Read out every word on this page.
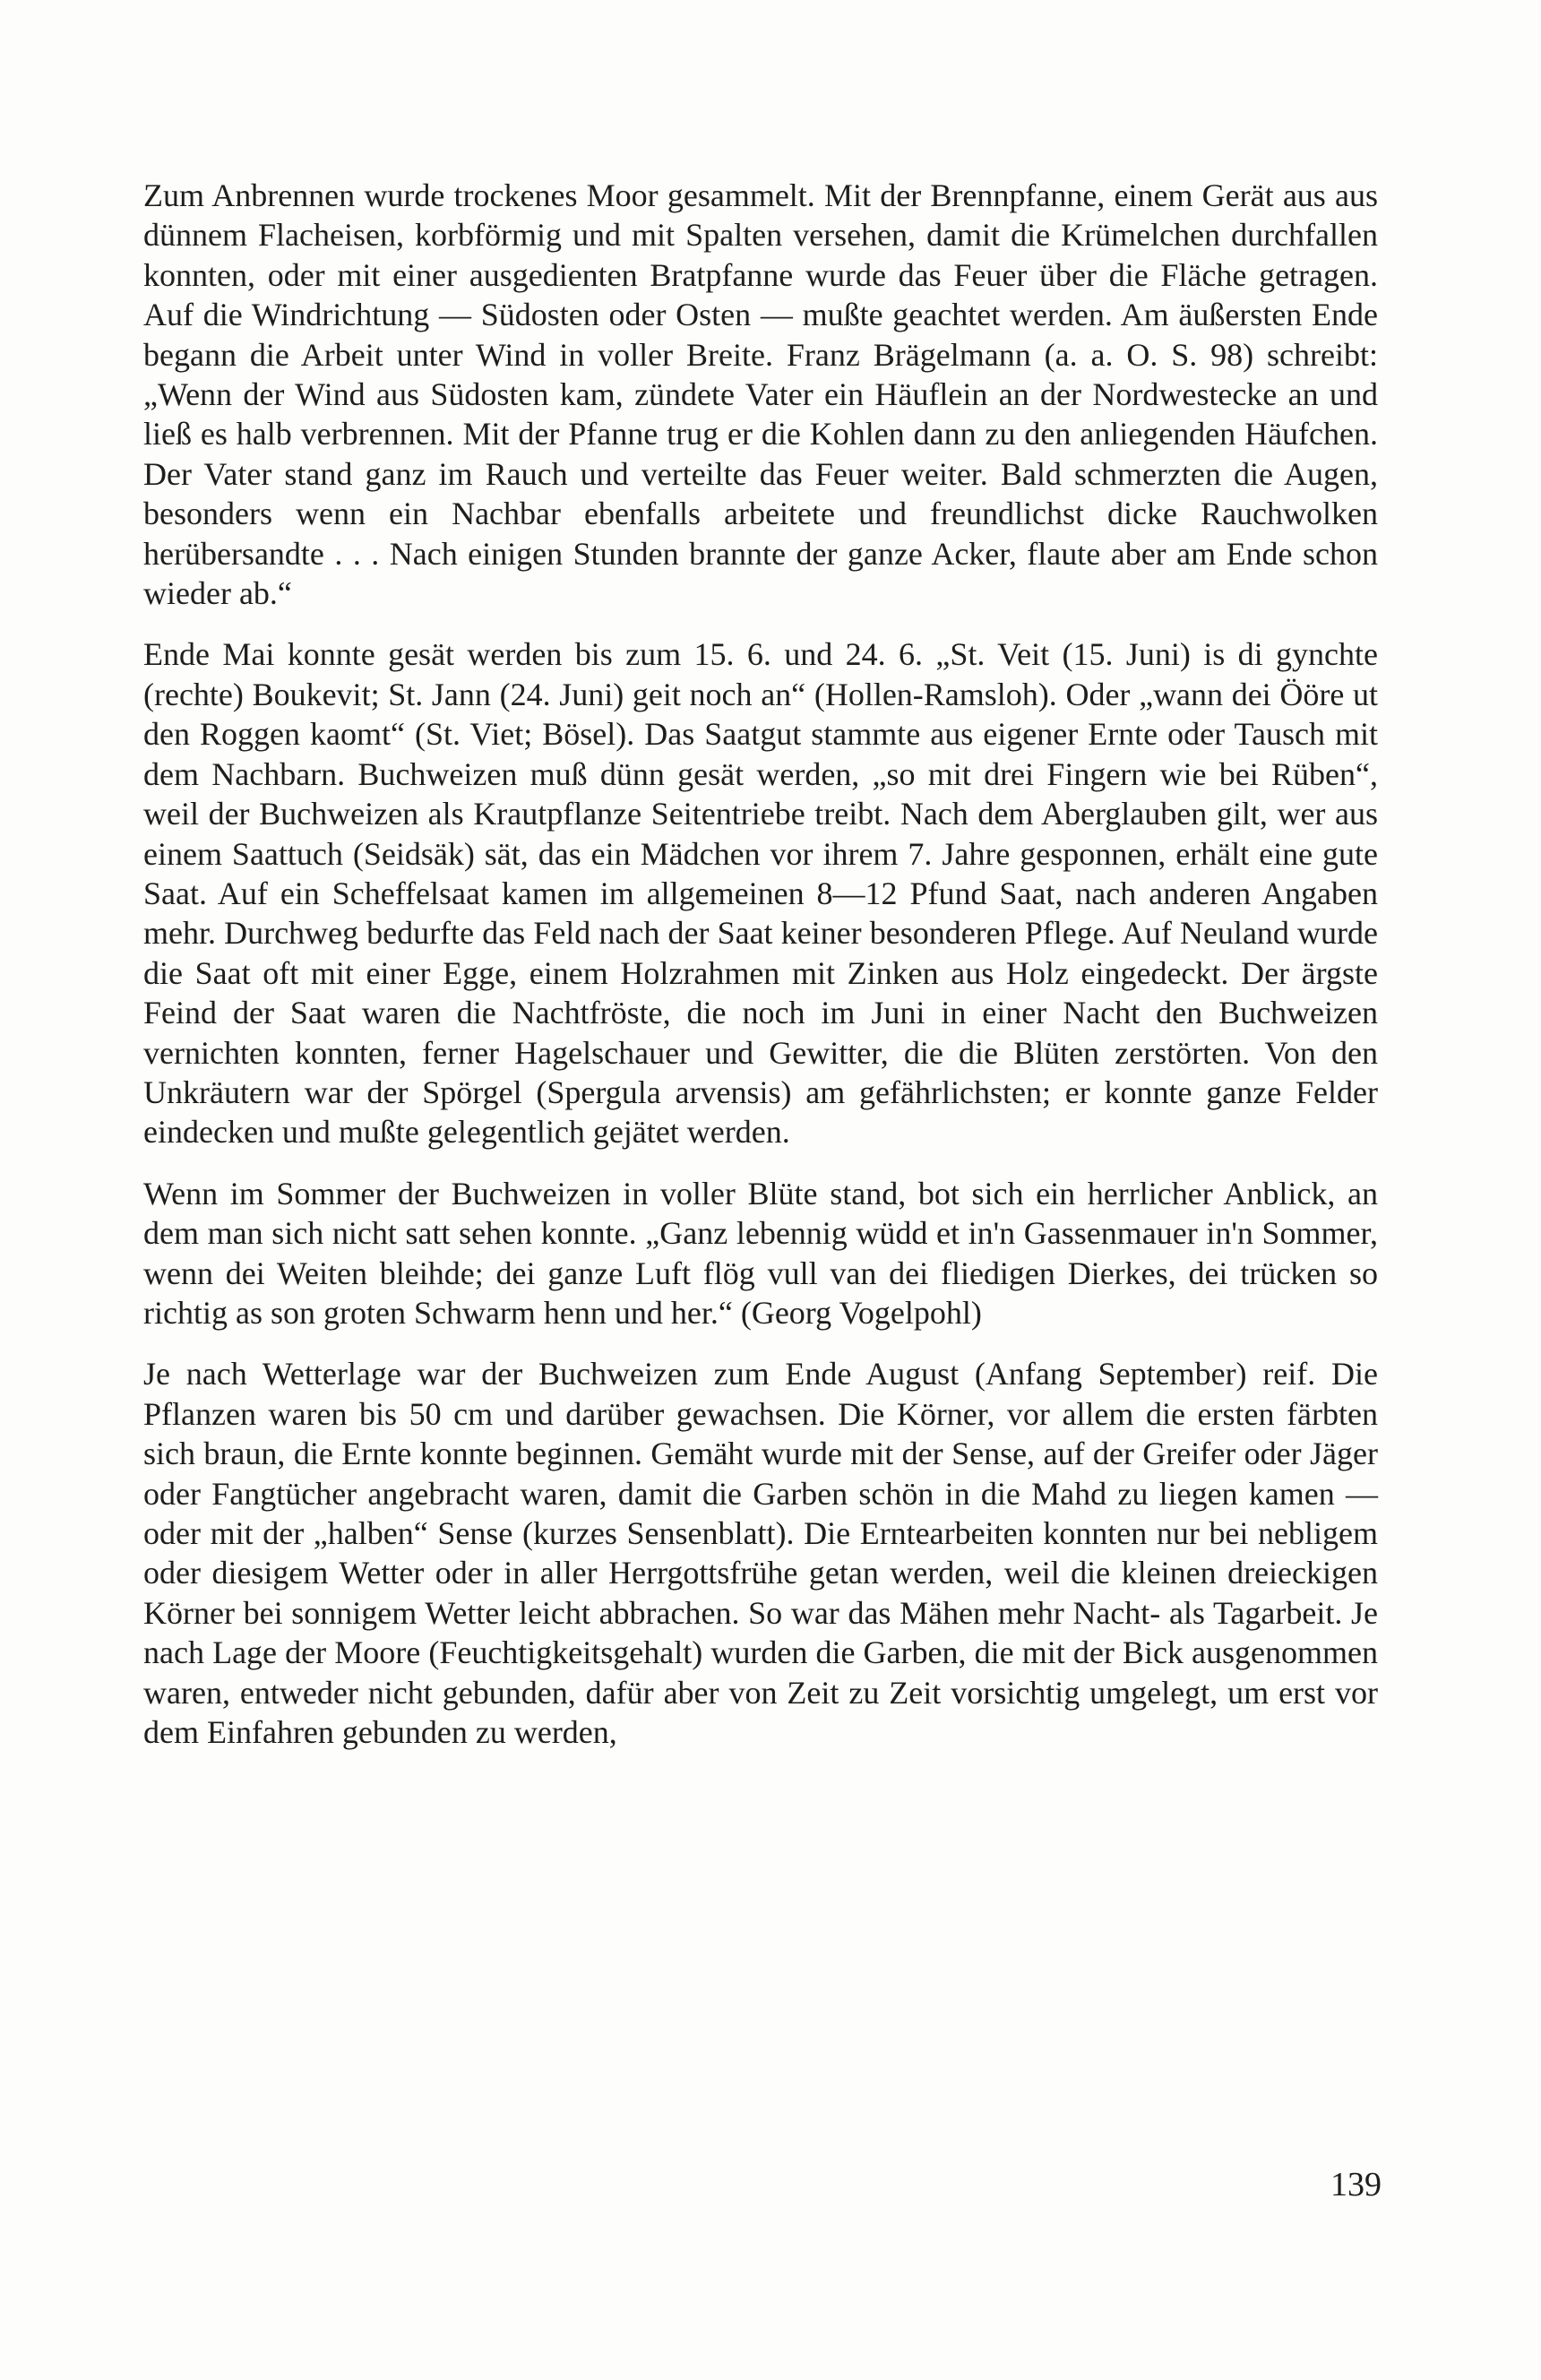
Zum Anbrennen wurde trockenes Moor gesammelt. Mit der Brennpfanne, einem Gerät aus aus dünnem Flacheisen, korbförmig und mit Spalten versehen, damit die Krümelchen durchfallen konnten, oder mit einer ausgedienten Bratpfanne wurde das Feuer über die Fläche getragen. Auf die Windrichtung — Südosten oder Osten — mußte geachtet werden. Am äußersten Ende begann die Arbeit unter Wind in voller Breite. Franz Brägelmann (a. a. O. S. 98) schreibt: „Wenn der Wind aus Südosten kam, zündete Vater ein Häuflein an der Nordwestecke an und ließ es halb verbrennen. Mit der Pfanne trug er die Kohlen dann zu den anliegenden Häufchen. Der Vater stand ganz im Rauch und verteilte das Feuer weiter. Bald schmerzten die Augen, besonders wenn ein Nachbar ebenfalls arbeitete und freundlichst dicke Rauchwolken herübersandte . . . Nach einigen Stunden brannte der ganze Acker, flaute aber am Ende schon wieder ab.“

Ende Mai konnte gesät werden bis zum 15. 6. und 24. 6. „St. Veit (15. Juni) is di gynchte (rechte) Boukevit; St. Jann (24. Juni) geit noch an“ (Hollen-Ramsloh). Oder „wann dei Ööre ut den Roggen kaomt“ (St. Viet; Bösel). Das Saatgut stammte aus eigener Ernte oder Tausch mit dem Nachbarn. Buchweizen muß dünn gesät werden, „so mit drei Fingern wie bei Rüben“, weil der Buchweizen als Krautpflanze Seitentriebe treibt. Nach dem Aberglauben gilt, wer aus einem Saattuch (Seidsäk) sät, das ein Mädchen vor ihrem 7. Jahre gesponnen, erhält eine gute Saat. Auf ein Scheffelsaat kamen im allgemeinen 8—12 Pfund Saat, nach anderen Angaben mehr. Durchweg bedurfte das Feld nach der Saat keiner besonderen Pflege. Auf Neuland wurde die Saat oft mit einer Egge, einem Holzrahmen mit Zinken aus Holz eingedeckt. Der ärgste Feind der Saat waren die Nachtfröste, die noch im Juni in einer Nacht den Buchweizen vernichten konnten, ferner Hagelschauer und Gewitter, die die Blüten zerstörten. Von den Unkräutern war der Spörgel (Spergula arvensis) am gefährlichsten; er konnte ganze Felder eindecken und mußte gelegentlich gejätet werden.

Wenn im Sommer der Buchweizen in voller Blüte stand, bot sich ein herrlicher Anblick, an dem man sich nicht satt sehen konnte. „Ganz lebennig wüdd et in'n Gassenmauer in'n Sommer, wenn dei Weiten bleihde; dei ganze Luft flög vull van dei fliedigen Dierkes, dei trücken so richtig as son groten Schwarm henn und her.“ (Georg Vogelpohl)

Je nach Wetterlage war der Buchweizen zum Ende August (Anfang September) reif. Die Pflanzen waren bis 50 cm und darüber gewachsen. Die Körner, vor allem die ersten färbten sich braun, die Ernte konnte beginnen. Gemäht wurde mit der Sense, auf der Greifer oder Jäger oder Fangtücher angebracht waren, damit die Garben schön in die Mahd zu liegen kamen — oder mit der „halben“ Sense (kurzes Sensenblatt). Die Erntearbeiten konnten nur bei nebligem oder diesigem Wetter oder in aller Herrgottsfrühe getan werden, weil die kleinen dreieckigen Körner bei sonnigem Wetter leicht abbrachen. So war das Mähen mehr Nacht- als Tagarbeit. Je nach Lage der Moore (Feuchtigkeitsgehalt) wurden die Garben, die mit der Bick ausgenommen waren, entweder nicht gebunden, dafür aber von Zeit zu Zeit vorsichtig umgelegt, um erst vor dem Einfahren gebunden zu werden,

139
